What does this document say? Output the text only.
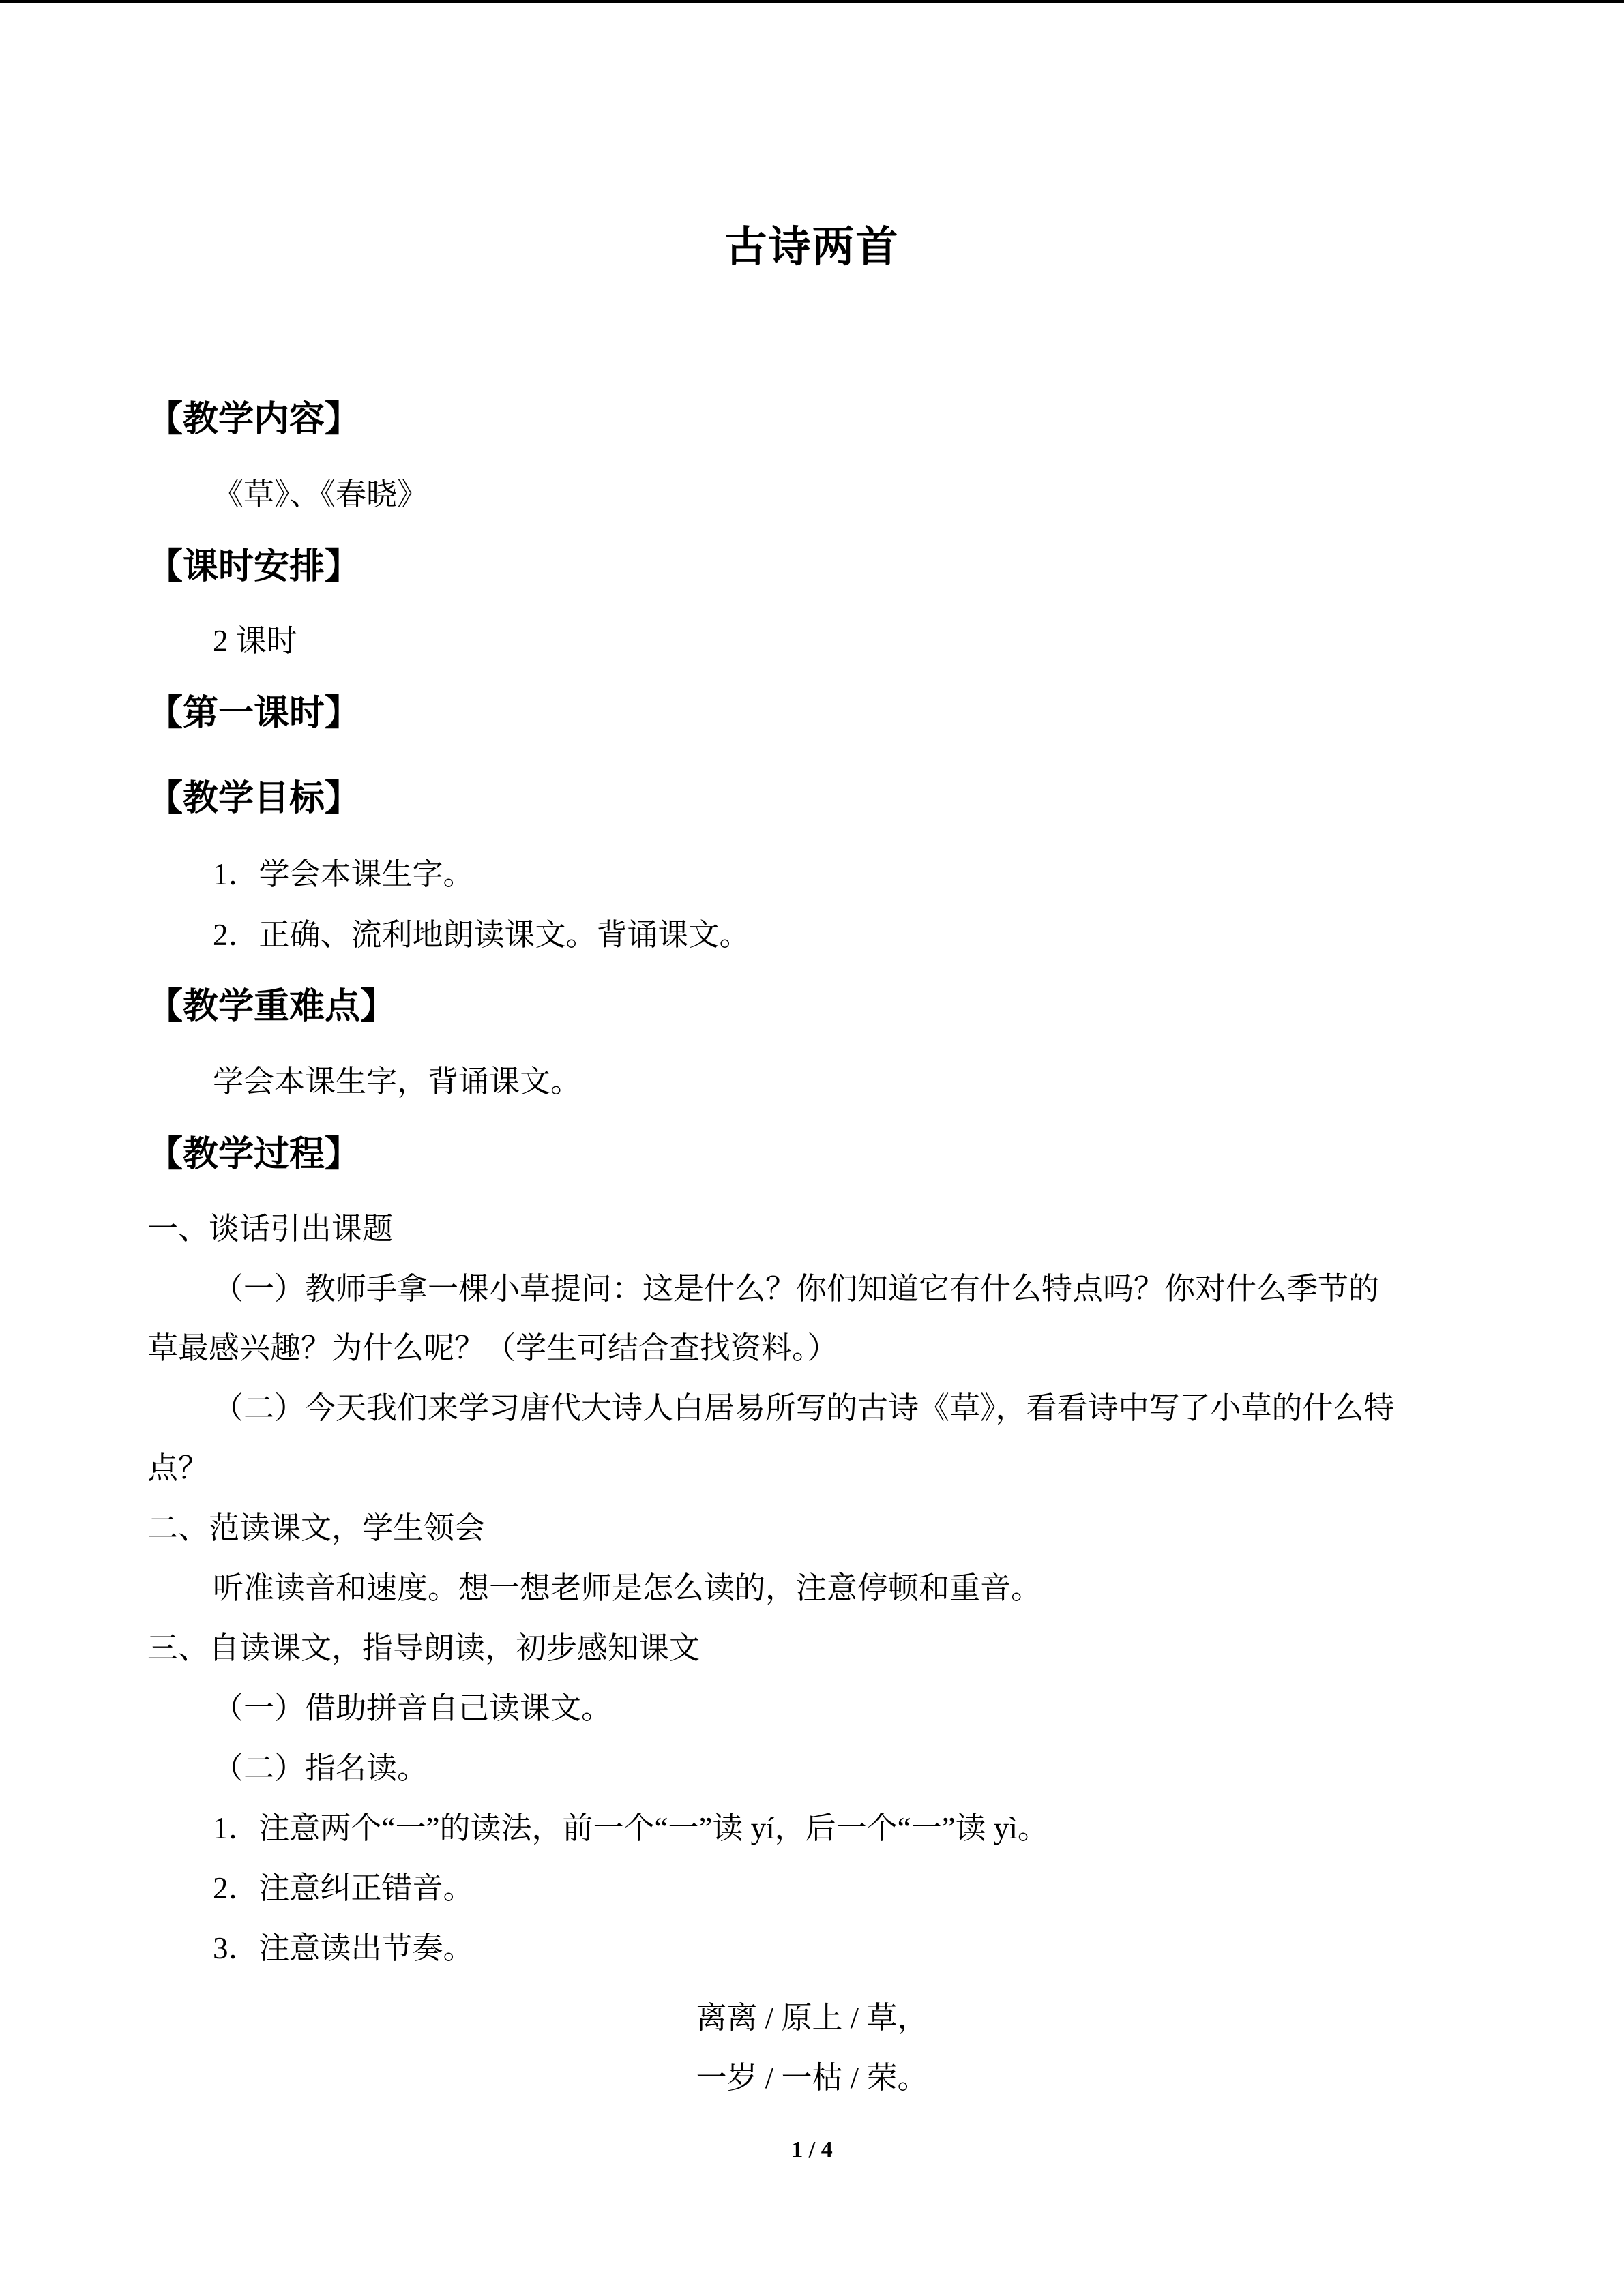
古诗两首
【教学内容】
《草》、《春晓》
【课时安排】
2 课时
【第一课时】
【教学目标】
1．学会本课生字。
2．正确、流利地朗读课文。背诵课文。
【教学重难点】
学会本课生字，背诵课文。
【教学过程】
一、谈话引出课题
（一）教师手拿一棵小草提问：这是什么？你们知道它有什么特点吗？你对什么季节的
草最感兴趣？为什么呢？（学生可结合查找资料。）
（二）今天我们来学习唐代大诗人白居易所写的古诗《草》，看看诗中写了小草的什么特
点？
二、范读课文，学生领会
听准读音和速度。想一想老师是怎么读的，注意停顿和重音。
三、自读课文，指导朗读，初步感知课文
（一）借助拼音自己读课文。
（二）指名读。
1．注意两个“一”的读法，前一个“一”读 yí，后一个“一”读 yì。
2．注意纠正错音。
3．注意读出节奏。
离离 / 原上 / 草，
一岁 / 一枯 / 荣。
1 / 4
